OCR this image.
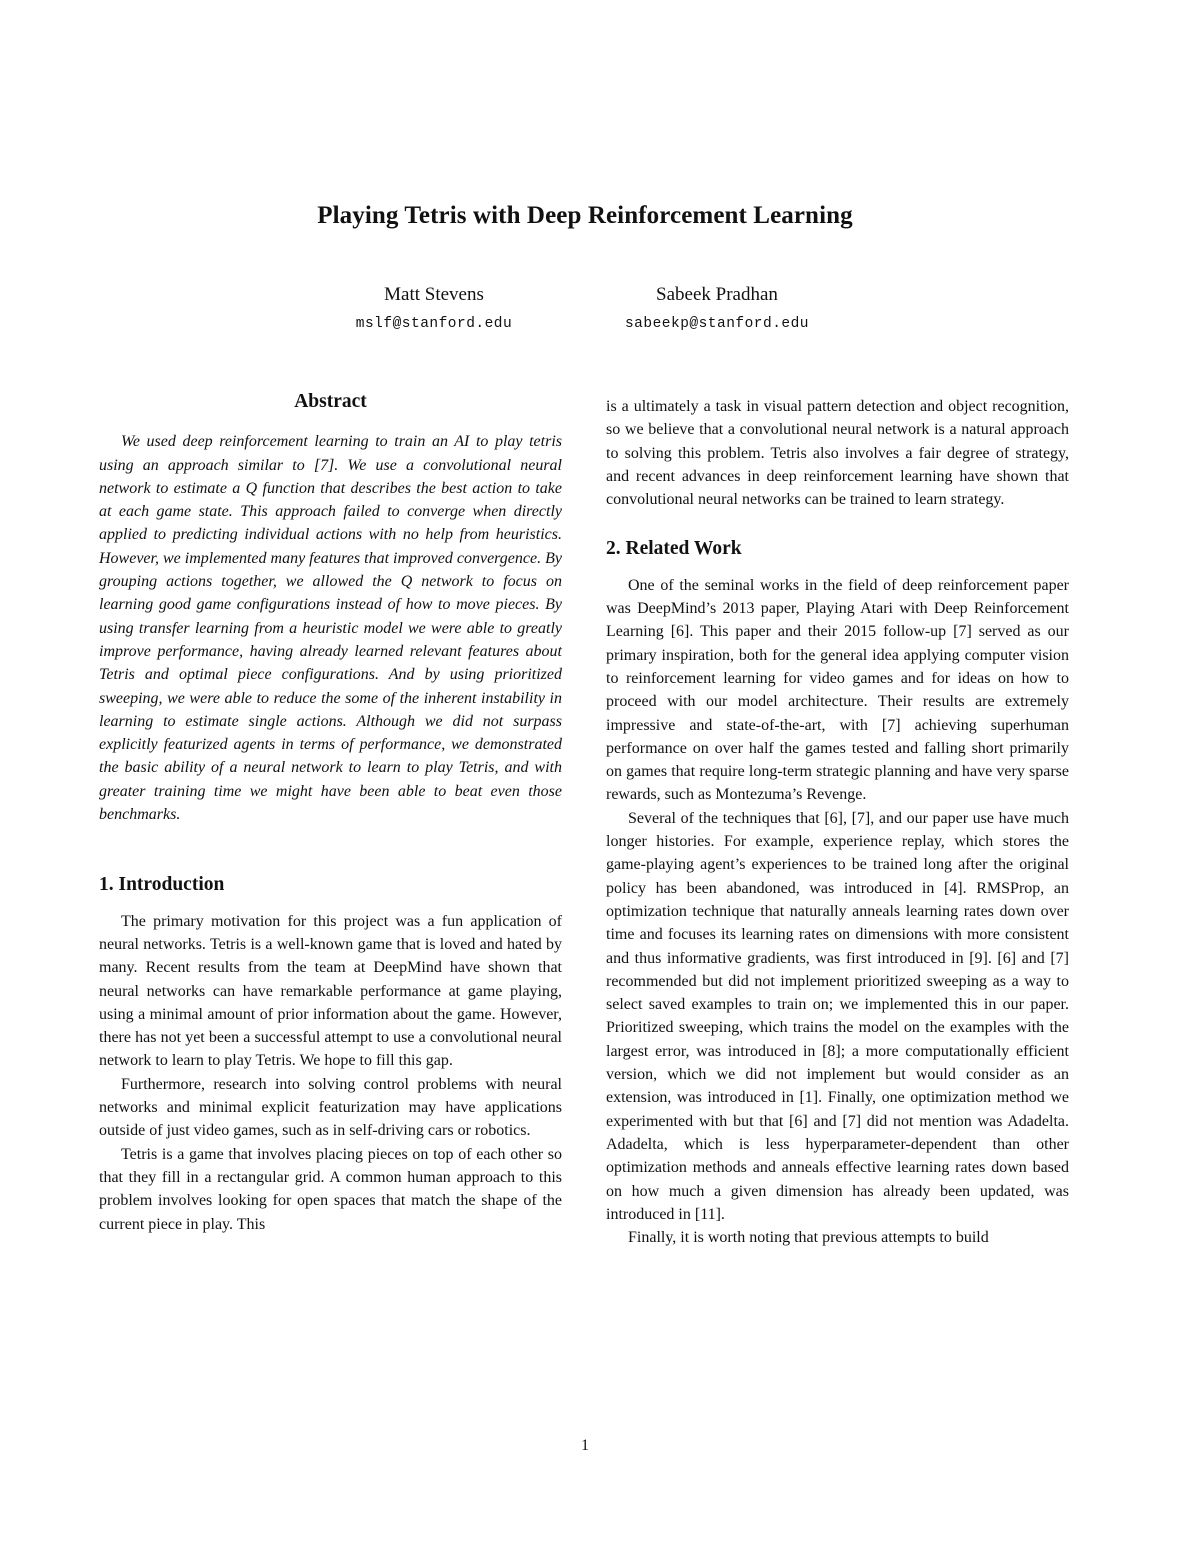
Playing Tetris with Deep Reinforcement Learning
Matt Stevens
mslf@stanford.edu
Sabeek Pradhan
sabeekp@stanford.edu
Abstract

We used deep reinforcement learning to train an AI to play tetris using an approach similar to [7]. We use a convolutional neural network to estimate a Q function that describes the best action to take at each game state. This approach failed to converge when directly applied to predicting individual actions with no help from heuristics. However, we implemented many features that improved convergence. By grouping actions together, we allowed the Q network to focus on learning good game configurations instead of how to move pieces. By using transfer learning from a heuristic model we were able to greatly improve performance, having already learned relevant features about Tetris and optimal piece configurations. And by using prioritized sweeping, we were able to reduce the some of the inherent instability in learning to estimate single actions. Although we did not surpass explicitly featurized agents in terms of performance, we demonstrated the basic ability of a neural network to learn to play Tetris, and with greater training time we might have been able to beat even those benchmarks.

1. Introduction

The primary motivation for this project was a fun application of neural networks. Tetris is a well-known game that is loved and hated by many. Recent results from the team at DeepMind have shown that neural networks can have remarkable performance at game playing, using a minimal amount of prior information about the game. However, there has not yet been a successful attempt to use a convolutional neural network to learn to play Tetris. We hope to fill this gap.

Furthermore, research into solving control problems with neural networks and minimal explicit featurization may have applications outside of just video games, such as in self-driving cars or robotics.

Tetris is a game that involves placing pieces on top of each other so that they fill in a rectangular grid. A common human approach to this problem involves looking for open spaces that match the shape of the current piece in play. This

is a ultimately a task in visual pattern detection and object recognition, so we believe that a convolutional neural network is a natural approach to solving this problem. Tetris also involves a fair degree of strategy, and recent advances in deep reinforcement learning have shown that convolutional neural networks can be trained to learn strategy.

2. Related Work

One of the seminal works in the field of deep reinforcement paper was DeepMind’s 2013 paper, Playing Atari with Deep Reinforcement Learning [6]. This paper and their 2015 follow-up [7] served as our primary inspiration, both for the general idea applying computer vision to reinforcement learning for video games and for ideas on how to proceed with our model architecture. Their results are extremely impressive and state-of-the-art, with [7] achieving superhuman performance on over half the games tested and falling short primarily on games that require long-term strategic planning and have very sparse rewards, such as Montezuma’s Revenge.

Several of the techniques that [6], [7], and our paper use have much longer histories. For example, experience replay, which stores the game-playing agent’s experiences to be trained long after the original policy has been abandoned, was introduced in [4]. RMSProp, an optimization technique that naturally anneals learning rates down over time and focuses its learning rates on dimensions with more consistent and thus informative gradients, was first introduced in [9]. [6] and [7] recommended but did not implement prioritized sweeping as a way to select saved examples to train on; we implemented this in our paper. Prioritized sweeping, which trains the model on the examples with the largest error, was introduced in [8]; a more computationally efficient version, which we did not implement but would consider as an extension, was introduced in [1]. Finally, one optimization method we experimented with but that [6] and [7] did not mention was Adadelta. Adadelta, which is less hyperparameter-dependent than other optimization methods and anneals effective learning rates down based on how much a given dimension has already been updated, was introduced in [11].

Finally, it is worth noting that previous attempts to build

1
